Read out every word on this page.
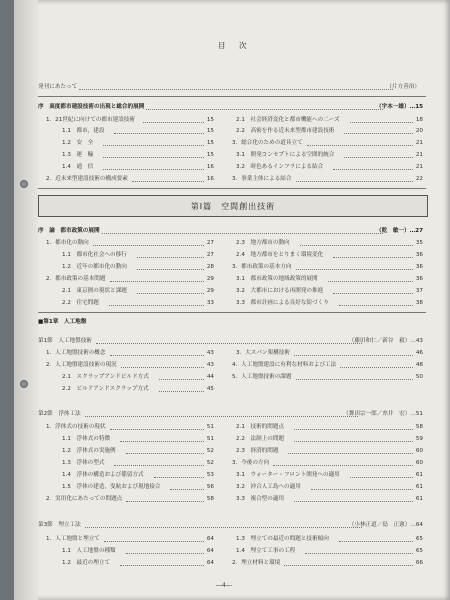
目　次
第Ⅰ篇　空間創出技術
発刊にあたって	（片方善治）
序　高度都市建設技術の出現と総合的展開	（宇本一雄）…15
1．21世紀に向けての都市建設技術	15
1.1　都市，建設	15
1.2　安　全	15
1.3　運　輸	15
1.4　通　信	16
2．近未来型建設技術の構成要素	16
2.1　社会経済変化と都市機能への二ーズ	18
2.2　高密を作る近未来型都市建設技術	20
3．総合化のための道具立て	21
3.1　開発コンセプトによる空間的統合	21
3.2　時色あるインフラによる結合	21
3．事業主体による結合	22
序　論　都市政策の展開	（乾　敏一）…27
1．都市化の動向	27
1.1　都市化社会への移行	27
1.2　近年の都市化の動向	28
2．都市政策の基本問題	29
2.1　東京圏の現状と課題	29
2.2　住宅問題	33
2.3　地方都市の動向	35
2.4　地方都市をとりまく環境変化	36
3．都市政策の基本方向	36
3.1　都市政策の地域政策的展開	36
3.2　大都市における再開発の推進	37
3.3　都市計画による良好な街づくり	38
第1節　人工地盤技術	（藤田和仁／新谷　毅）…43
1．人工地盤技術の概念	43
2．人工地盤建設技術の現況	43
2.1　スクラップアンドビルド方式	44
2.2　ビルドアンドスクラップ方式	45
3．大スパン架構技術	46
4．人工地盤建設に有利な材料および工法	48
5．人工地盤技術の課題	50
第2節　浮体工法	（舞田宗一郎／糸井　宏）…51
1．浮体式の技術の現状	51
1.1　浮体式の特徴	51
1.2　浮体式の実施例	52
1.3　浮体の型式	52
1.4　浮体の構造および係留方式	53
1.5　浮体の建造，曳航および現地接合	56
2．実用化にあたっての問題点	58
2.1　技術的問題点	58
2.2　法制上の問題	59
2.3　経済的問題	60
3．今後の方向	60
3.1　ウォーター・フロント開発への適用	61
3.2　沖合人工島への適用	61
3.3　複合型の適用	61
第3節　埋立工法	（小林正道／島　正憲）…64
1．人工地盤と埋立て	64
1.1　人工地盤の種類	64
1.2　最近の埋立て	64
1.3　埋立ての最近の問題と技術傾向	65
1.4　埋立て工事の工程	65
2．埋立材料と環境	66
■第1章　人工地盤
―4―
